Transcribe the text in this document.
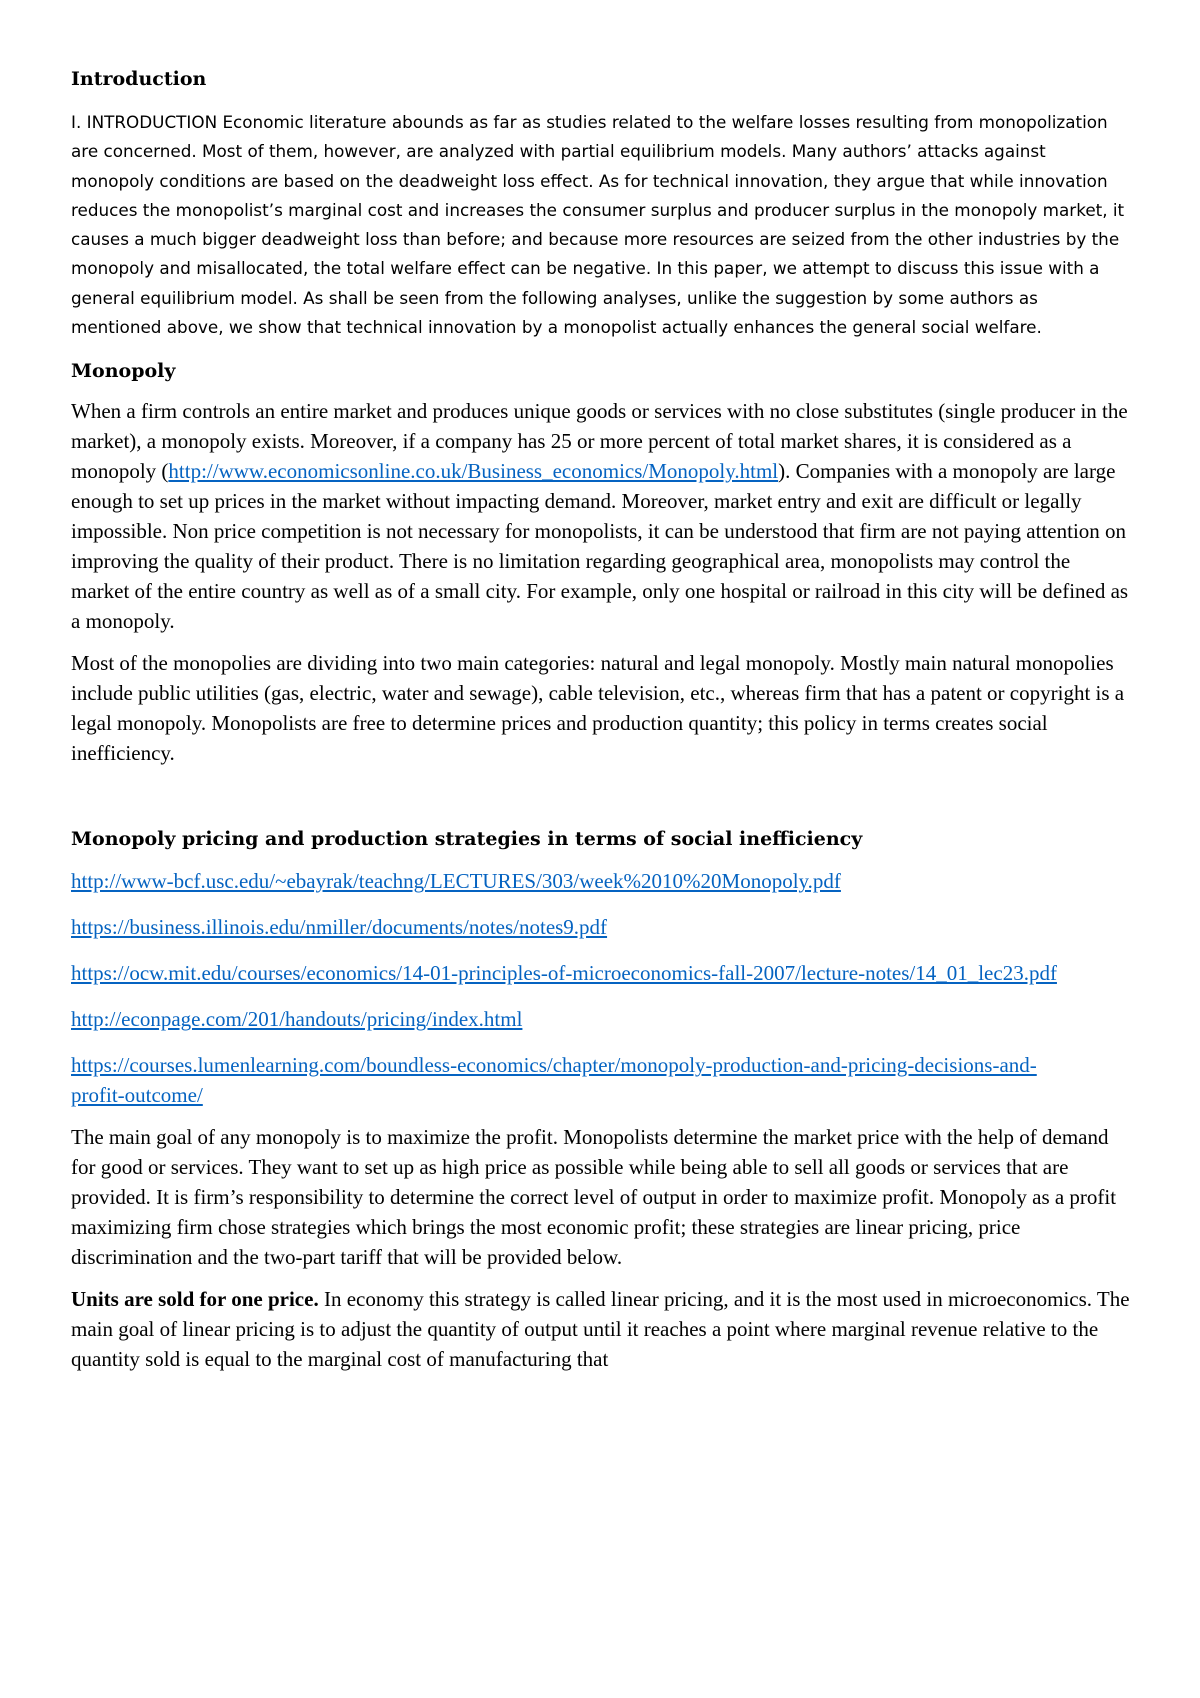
Introduction

I. INTRODUCTION Economic literature abounds as far as studies related to the welfare losses resulting from monopolization are concerned. Most of them, however, are analyzed with partial equilibrium models. Many authors’ attacks against monopoly conditions are based on the deadweight loss effect. As for technical innovation, they argue that while innovation reduces the monopolist’s marginal cost and increases the consumer surplus and producer surplus in the monopoly market, it causes a much bigger deadweight loss than before; and because more resources are seized from the other industries by the monopoly and misallocated, the total welfare effect can be negative. In this paper, we attempt to discuss this issue with a general equilibrium model. As shall be seen from the following analyses, unlike the suggestion by some authors as mentioned above, we show that technical innovation by a monopolist actually enhances the general social welfare.

Monopoly

When a firm controls an entire market and produces unique goods or services with no close substitutes (single producer in the market), a monopoly exists. Moreover, if a company has 25 or more percent of total market shares, it is considered as a monopoly (http://www.economicsonline.co.uk/Business_economics/Monopoly.html). Companies with a monopoly are large enough to set up prices in the market without impacting demand. Moreover, market entry and exit are difficult or legally impossible. Non price competition is not necessary for monopolists, it can be understood that firm are not paying attention on improving the quality of their product. There is no limitation regarding geographical area, monopolists may control the market of the entire country as well as of a small city. For example, only one hospital or railroad in this city will be defined as a monopoly.

Most of the monopolies are dividing into two main categories: natural and legal monopoly. Mostly main natural monopolies include public utilities (gas, electric, water and sewage), cable television, etc., whereas firm that has a patent or copyright is a legal monopoly. Monopolists are free to determine prices and production quantity; this policy in terms creates social inefficiency.

Monopoly pricing and production strategies in terms of social inefficiency

http://www-bcf.usc.edu/~ebayrak/teachng/LECTURES/303/week%2010%20Monopoly.pdf

https://business.illinois.edu/nmiller/documents/notes/notes9.pdf

https://ocw.mit.edu/courses/economics/14-01-principles-of-microeconomics-fall-2007/lecture-notes/14_01_lec23.pdf

http://econpage.com/201/handouts/pricing/index.html

https://courses.lumenlearning.com/boundless-economics/chapter/monopoly-production-and-pricing-decisions-and-profit-outcome/

The main goal of any monopoly is to maximize the profit. Monopolists determine the market price with the help of demand for good or services. They want to set up as high price as possible while being able to sell all goods or services that are provided. It is firm’s responsibility to determine the correct level of output in order to maximize profit. Monopoly as a profit maximizing firm chose strategies which brings the most economic profit; these strategies are linear pricing, price discrimination and the two-part tariff that will be provided below.

Units are sold for one price. In economy this strategy is called linear pricing, and it is the most used in microeconomics. The main goal of linear pricing is to adjust the quantity of output until it reaches a point where marginal revenue relative to the quantity sold is equal to the marginal cost of manufacturing that
